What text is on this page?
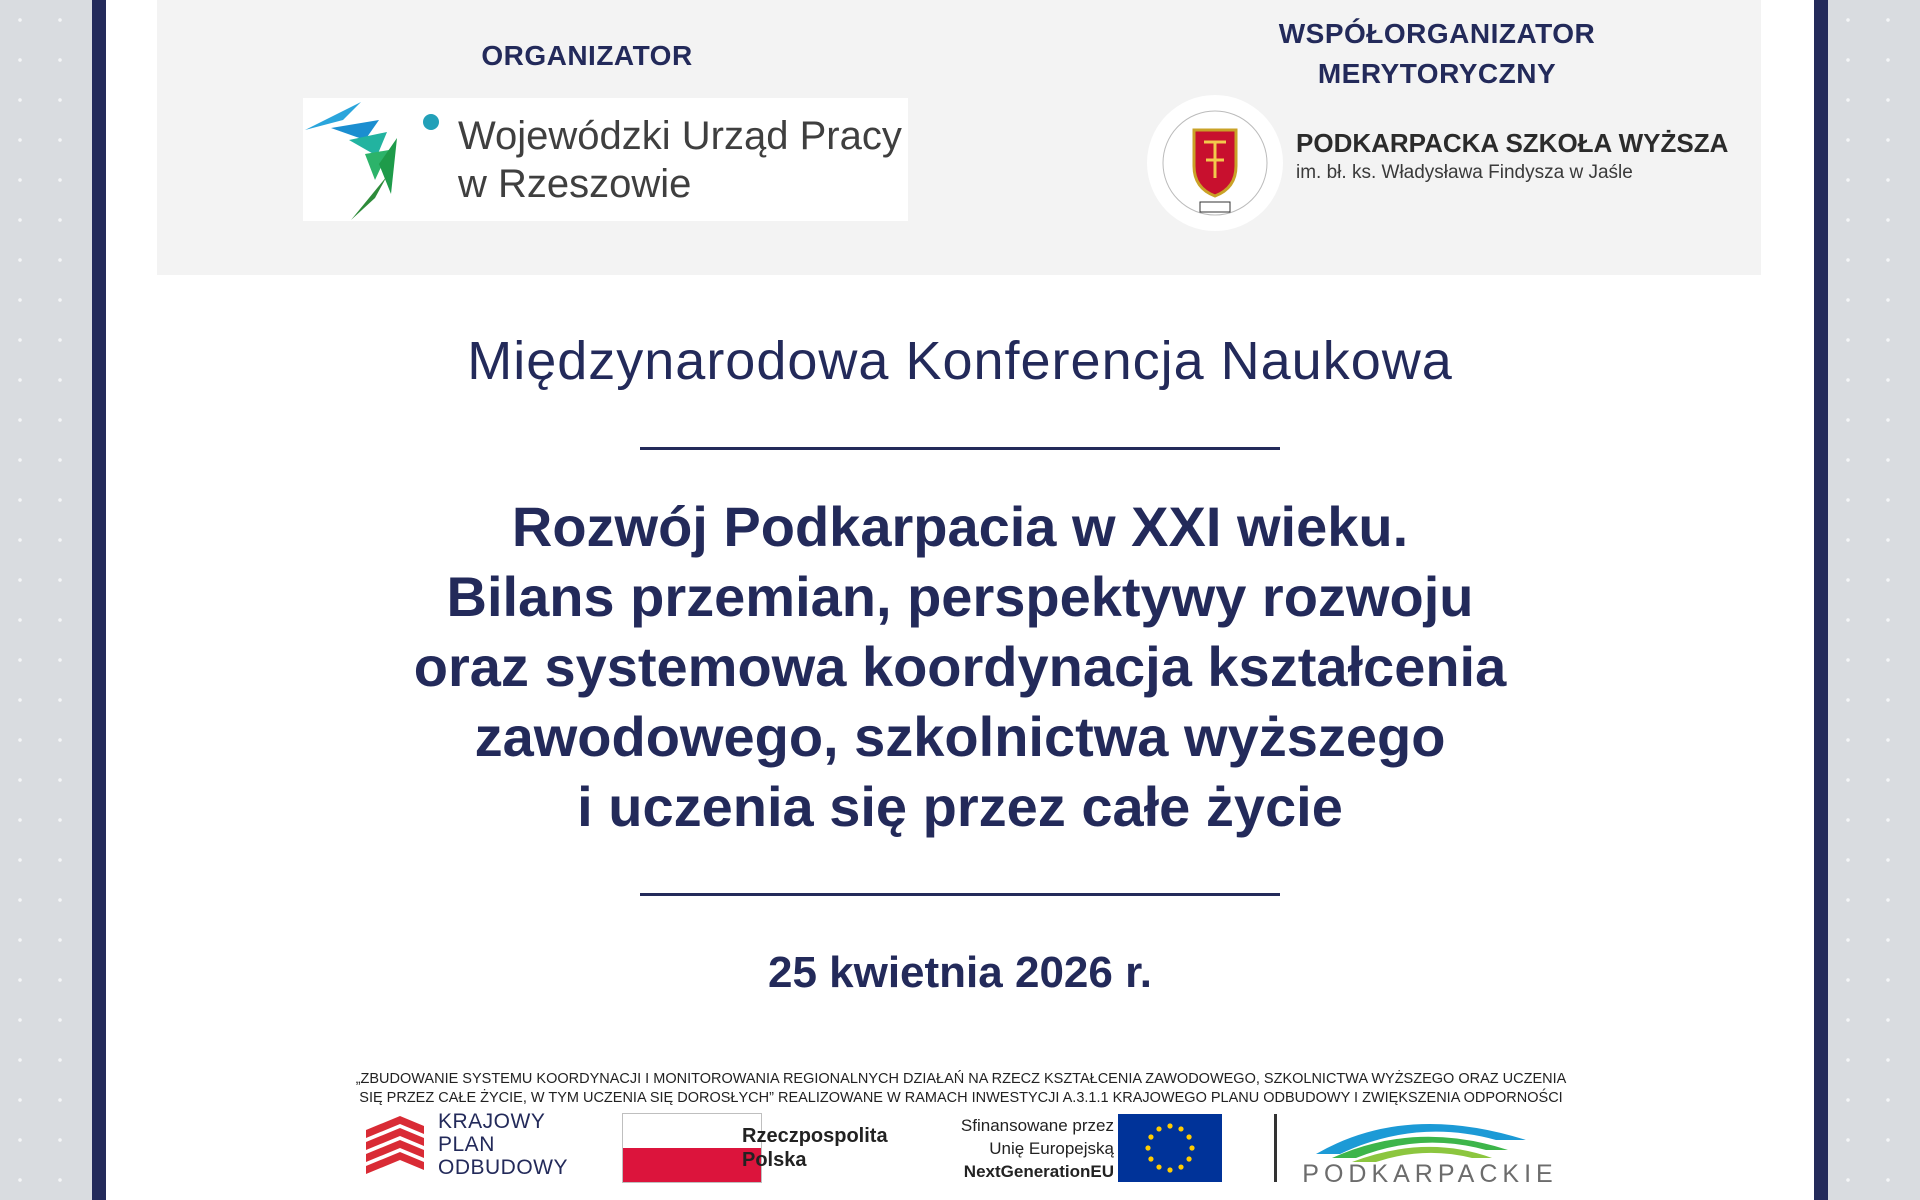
ORGANIZATOR
Wojewódzki Urząd Pracy
w Rzeszowie
WSPÓŁORGANIZATOR
MERYTORYCZNY
PODKARPACKA SZKOŁA WYŻSZA
im. bł. ks. Władysława Findysza w Jaśle
Międzynarodowa Konferencja Naukowa
Rozwój Podkarpacia w XXI wieku.
Bilans przemian, perspektywy rozwoju
oraz systemowa koordynacja kształcenia
zawodowego, szkolnictwa wyższego
i uczenia się przez całe życie
25 kwietnia 2026 r.
„ZBUDOWANIE SYSTEMU KOORDYNACJI I MONITOROWANIA REGIONALNYCH DZIAŁAŃ NA RZECZ KSZTAŁCENIA ZAWODOWEGO, SZKOLNICTWA WYŻSZEGO ORAZ UCZENIA
SIĘ PRZEZ CAŁE ŻYCIE, W TYM UCZENIA SIĘ DOROSŁYCH” REALIZOWANE W RAMACH INWESTYCJI A.3.1.1 KRAJOWEGO PLANU ODBUDOWY I ZWIĘKSZENIA ODPORNOŚCI
KRAJOWY
PLAN
ODBUDOWY
Rzeczpospolita
Polska
Sfinansowane przez
Unię Europejską
NextGenerationEU	PODKARPACKIE
